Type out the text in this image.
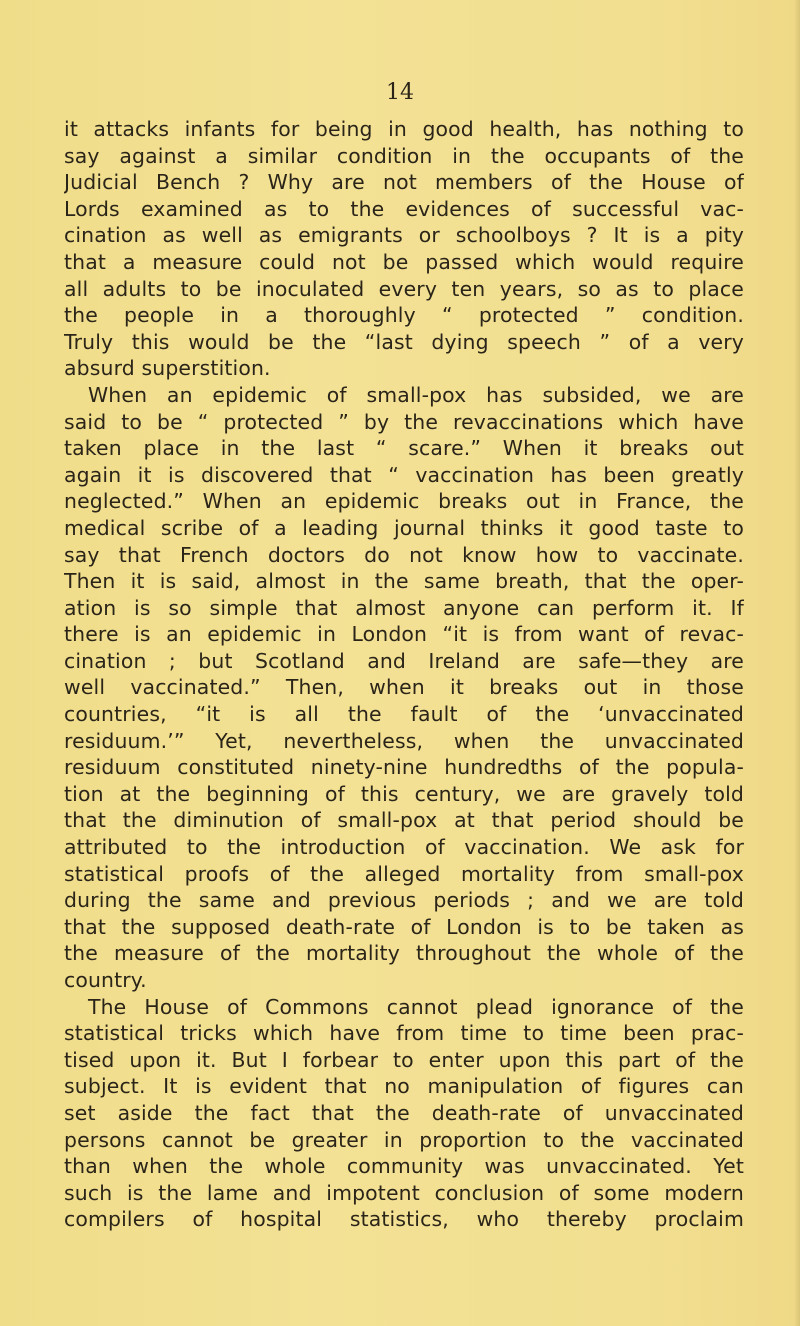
14
it attacks infants for being in good health, has nothing to
say against a similar condition in the occupants of the
Judicial Bench ? Why are not members of the House of
Lords examined as to the evidences of successful vac-
cination as well as emigrants or schoolboys ? It is a pity
that a measure could not be passed which would require
all adults to be inoculated every ten years, so as to place
the people in a thoroughly “ protected ” condition.
Truly this would be the “last dying speech ” of a very
absurd superstition.
When an epidemic of small-pox has subsided, we are
said to be “ protected ” by the revaccinations which have
taken place in the last “ scare.” When it breaks out
again it is discovered that “ vaccination has been greatly
neglected.” When an epidemic breaks out in France, the
medical scribe of a leading journal thinks it good taste to
say that French doctors do not know how to vaccinate.
Then it is said, almost in the same breath, that the oper-
ation is so simple that almost anyone can perform it. If
there is an epidemic in London “it is from want of revac-
cination ; but Scotland and Ireland are safe—they are
well vaccinated.” Then, when it breaks out in those
countries, “it is all the fault of the ‘unvaccinated
residuum.’” Yet, nevertheless, when the unvaccinated
residuum constituted ninety-nine hundredths of the popula-
tion at the beginning of this century, we are gravely told
that the diminution of small-pox at that period should be
attributed to the introduction of vaccination. We ask for
statistical proofs of the alleged mortality from small-pox
during the same and previous periods ; and we are told
that the supposed death-rate of London is to be taken as
the measure of the mortality throughout the whole of the
country.
The House of Commons cannot plead ignorance of the
statistical tricks which have from time to time been prac-
tised upon it. But I forbear to enter upon this part of the
subject. It is evident that no manipulation of figures can
set aside the fact that the death-rate of unvaccinated
persons cannot be greater in proportion to the vaccinated
than when the whole community was unvaccinated. Yet
such is the lame and impotent conclusion of some modern
compilers of hospital statistics, who thereby proclaim
